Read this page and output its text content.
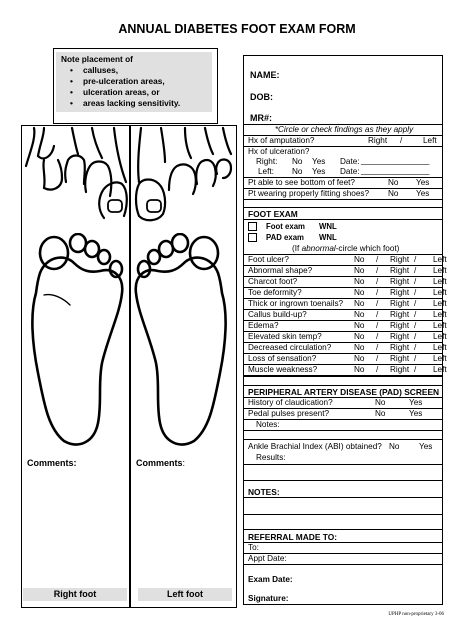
ANNUAL DIABETES FOOT EXAM FORM
Note placement of
• calluses,
• pre-ulceration areas,
• ulceration areas, or
• areas lacking sensitivity.
Comments:	Comments:
Right foot	Left foot
NAME:
DOB:
MR#:
*Circle or check findings as they apply
Hx of amputation?	Right /	Left
Hx of ulceration?
Right: No Yes Date: _______________
Left: No Yes Date: _______________
Pt able to see bottom of feet?	No Yes
Pt wearing properly fitting shoes? No Yes
FOOT EXAM
Foot exam WNL
PAD exam WNL
(If abnormal-circle which foot)
PERIPHERAL ARTERY DISEASE (PAD) SCREEN
History of claudication?	No	Yes
Pedal pulses present?	No	Yes
Notes:
Ankle Brachial Index (ABI) obtained? No Yes
Results:
NOTES:
REFERRAL MADE TO:
To:
Appt Date:
Exam Date:
Signature:
Foot ulcer?	No / Right / Left
Abnormal shape?	No / Right / Left
Charcot foot?	No / Right / Left
Toe deformity?	No / Right / Left
Thick or ingrown toenails? No / Right / Left
Callus build-up?	No / Right / Left
Edema?	No / Right / Left
Elevated skin temp?	No / Right / Left
Decreased circulation?	No / Right / Left
Loss of sensation?	No / Right / Left
Muscle weakness?	No / Right / Left
UPHP non-proprietary 3-06
